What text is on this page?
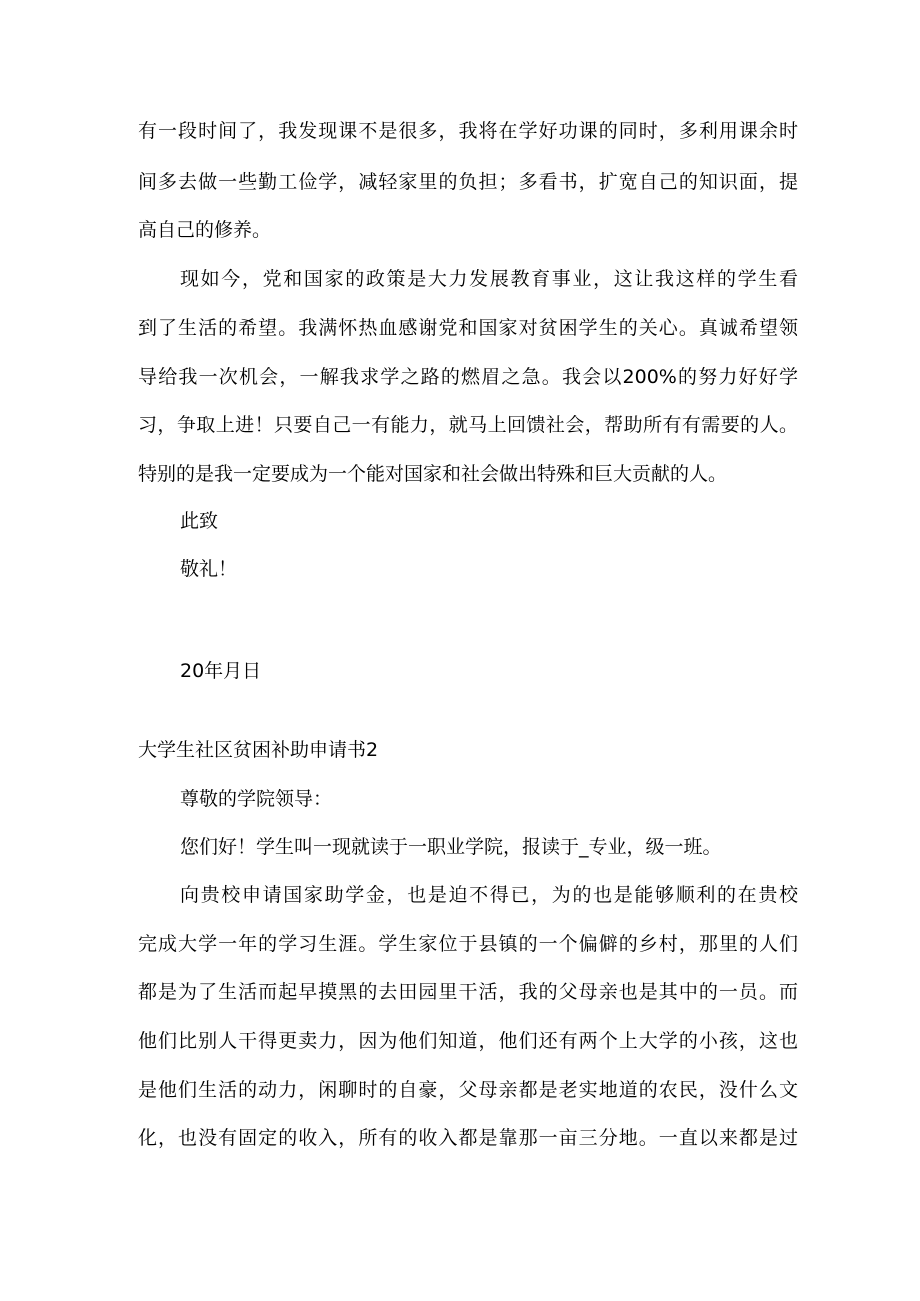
有一段时间了，我发现课不是很多，我将在学好功课的同时，多利用课余时

间多去做一些勤工俭学，减轻家里的负担；多看书，扩宽自己的知识面，提

高自己的修养。

现如今，党和国家的政策是大力发展教育事业，这让我这样的学生看

到了生活的希望。我满怀热血感谢党和国家对贫困学生的关心。真诚希望领

导给我一次机会，一解我求学之路的燃眉之急。我会以200%的努力好好学

习，争取上进！只要自己一有能力，就马上回馈社会，帮助所有有需要的人。

特别的是我一定要成为一个能对国家和社会做出特殊和巨大贡献的人。

此致

敬礼！

20年月日

大学生社区贫困补助申请书2

尊敬的学院领导：

您们好！学生叫一现就读于一职业学院，报读于_专业，级一班。

向贵校申请国家助学金，也是迫不得已，为的也是能够顺利的在贵校

完成大学一年的学习生涯。学生家位于县镇的一个偏僻的乡村，那里的人们

都是为了生活而起早摸黑的去田园里干活，我的父母亲也是其中的一员。而

他们比别人干得更卖力，因为他们知道，他们还有两个上大学的小孩，这也

是他们生活的动力，闲聊时的自豪，父母亲都是老实地道的农民，没什么文

化，也没有固定的收入，所有的收入都是靠那一亩三分地。一直以来都是过
